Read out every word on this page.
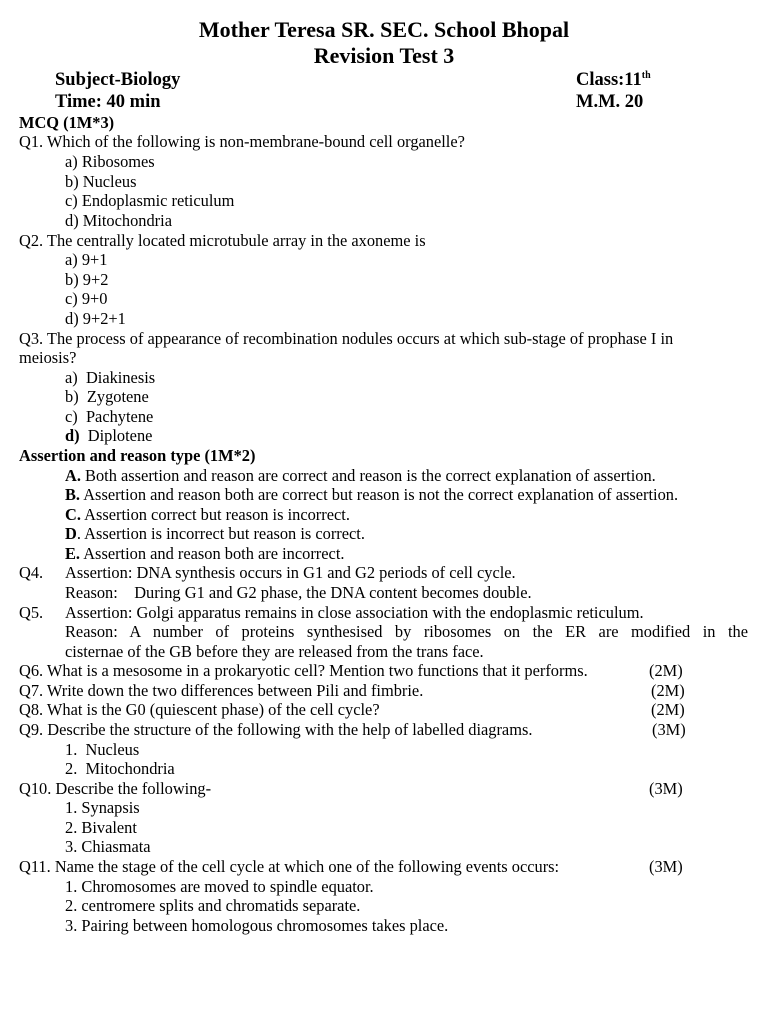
Mother Teresa SR. SEC. School Bhopal
Revision Test 3
Subject-Biology	Class:11th
Time: 40 min	M.M. 20
MCQ (1M*3)
Q1. Which of the following is non-membrane-bound cell organelle?
a) Ribosomes
b) Nucleus
c) Endoplasmic reticulum
d) Mitochondria
Q2. The centrally located microtubule array in the axoneme is
a) 9+1
b) 9+2
c) 9+0
d) 9+2+1
Q3. The process of appearance of recombination nodules occurs at which sub-stage of prophase I in
meiosis?
a) Diakinesis
b) Zygotene
c) Pachytene
d) Diplotene
Assertion and reason type (1M*2)
A. Both assertion and reason are correct and reason is the correct explanation of assertion.
B. Assertion and reason both are correct but reason is not the correct explanation of assertion.
C. Assertion correct but reason is incorrect.
D. Assertion is incorrect but reason is correct.
E. Assertion and reason both are incorrect.
Q4. Assertion: DNA synthesis occurs in G1 and G2 periods of cell cycle.
Reason:    During G1 and G2 phase, the DNA content becomes double.
Q5. Assertion: Golgi apparatus remains in close association with the endoplasmic reticulum.
Reason: A number of proteins synthesised by ribosomes on the ER are modified in the
cisternae of the GB before they are released from the trans face.
Q6. What is a mesosome in a prokaryotic cell? Mention two functions that it performs.	(2M)
Q7. Write down the two differences between Pili and fimbrie.	(2M)
Q8. What is the G0 (quiescent phase) of the cell cycle?	(2M)
Q9. Describe the structure of the following with the help of labelled diagrams.	(3M)
1.  Nucleus
2.  Mitochondria
Q10. Describe the following-	(3M)
1. Synapsis
2. Bivalent
3. Chiasmata
Q11. Name the stage of the cell cycle at which one of the following events occurs:	(3M)
1. Chromosomes are moved to spindle equator.
2. centromere splits and chromatids separate.
3. Pairing between homologous chromosomes takes place.
